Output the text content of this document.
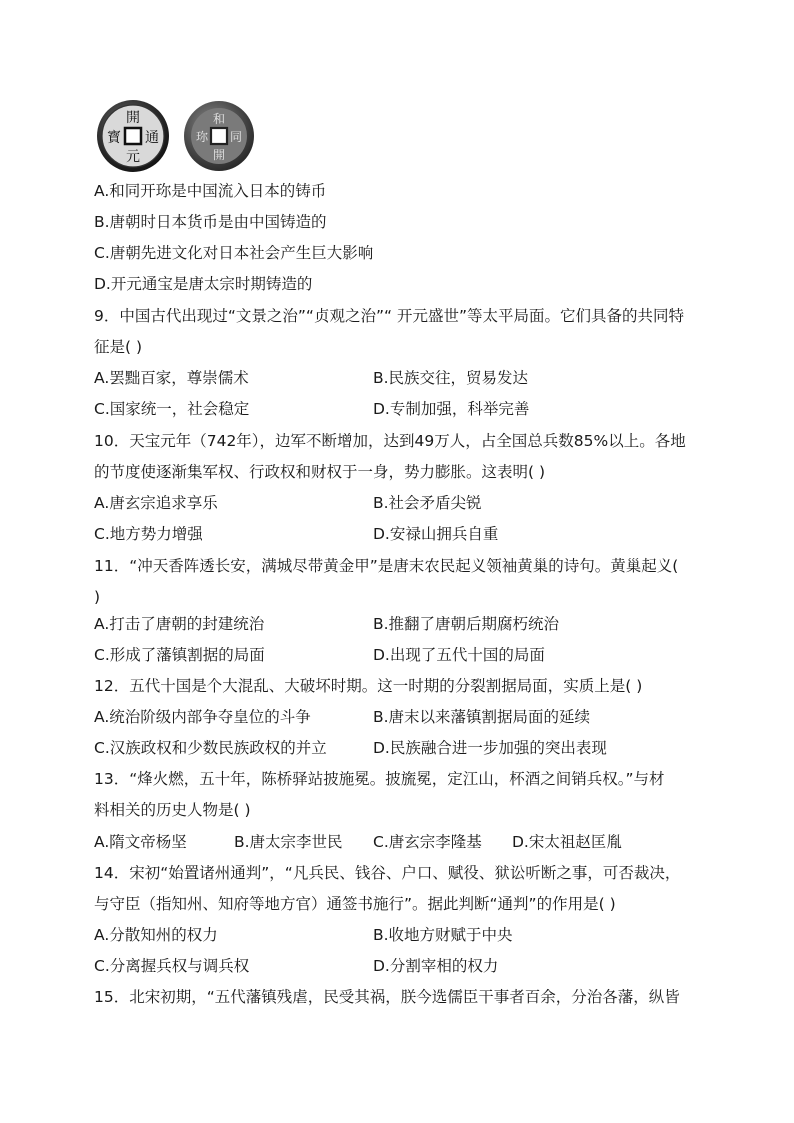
開
通
元
寳
和
同
開
珎
A.和同开珎是中国流入日本的铸币
B.唐朝时日本货币是由中国铸造的
C.唐朝先进文化对日本社会产生巨大影响
D.开元通宝是唐太宗时期铸造的
9．中国古代出现过“文景之治”“贞观之治”“ 开元盛世”等太平局面。它们具备的共同特
征是( )
A.罢黜百家，尊崇儒术	B.民族交往，贸易发达
C.国家统一，社会稳定	D.专制加强，科举完善
10．天宝元年（742年），边军不断增加，达到49万人，占全国总兵数85%以上。各地
的节度使逐渐集军权、行政权和财权于一身，势力膨胀。这表明( )
A.唐玄宗追求享乐	B.社会矛盾尖锐
C.地方势力增强	D.安禄山拥兵自重
11．“冲天香阵透长安，满城尽带黄金甲”是唐末农民起义领袖黄巢的诗句。黄巢起义(
)
A.打击了唐朝的封建统治	B.推翻了唐朝后期腐朽统治
C.形成了藩镇割据的局面	D.出现了五代十国的局面
12．五代十国是个大混乱、大破坏时期。这一时期的分裂割据局面，实质上是( )
A.统治阶级内部争夺皇位的斗争	B.唐末以来藩镇割据局面的延续
C.汉族政权和少数民族政权的并立	D.民族融合进一步加强的突出表现
13．“烽火燃，五十年，陈桥驿站披施冕。披旒冕，定江山，杯酒之间销兵权。”与材
料相关的历史人物是( )
A.隋文帝杨坚	B.唐太宗李世民 C.唐玄宗李隆基 D.宋太祖赵匡胤
14．宋初“始置诸州通判”，“凡兵民、钱谷、户口、赋役、狱讼听断之事，可否裁决，
与守臣（指知州、知府等地方官）通签书施行”。据此判断“通判”的作用是( )
A.分散知州的权力	B.收地方财赋于中央
C.分离握兵权与调兵权	D.分割宰相的权力
15．北宋初期，“五代藩镇残虐，民受其祸，朕今选儒臣干事者百余，分治各藩，纵皆
